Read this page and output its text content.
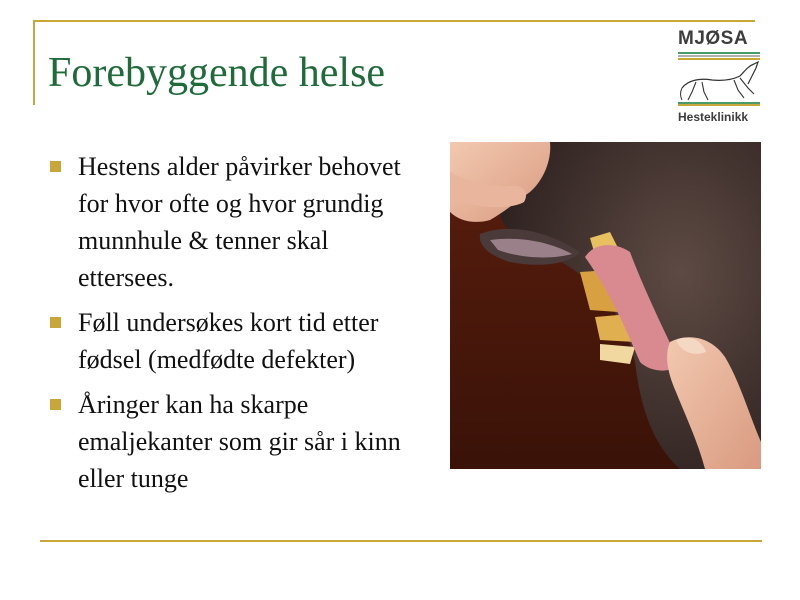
Forebyggende helse
MJØSA
Hesteklinikk
Hestens alder påvirker behovet for hvor ofte og hvor grundig munnhule & tenner skal ettersees.
Føll undersøkes kort tid etter fødsel (medfødte defekter)
Åringer kan ha skarpe emaljekanter som gir sår i kinn eller tunge
